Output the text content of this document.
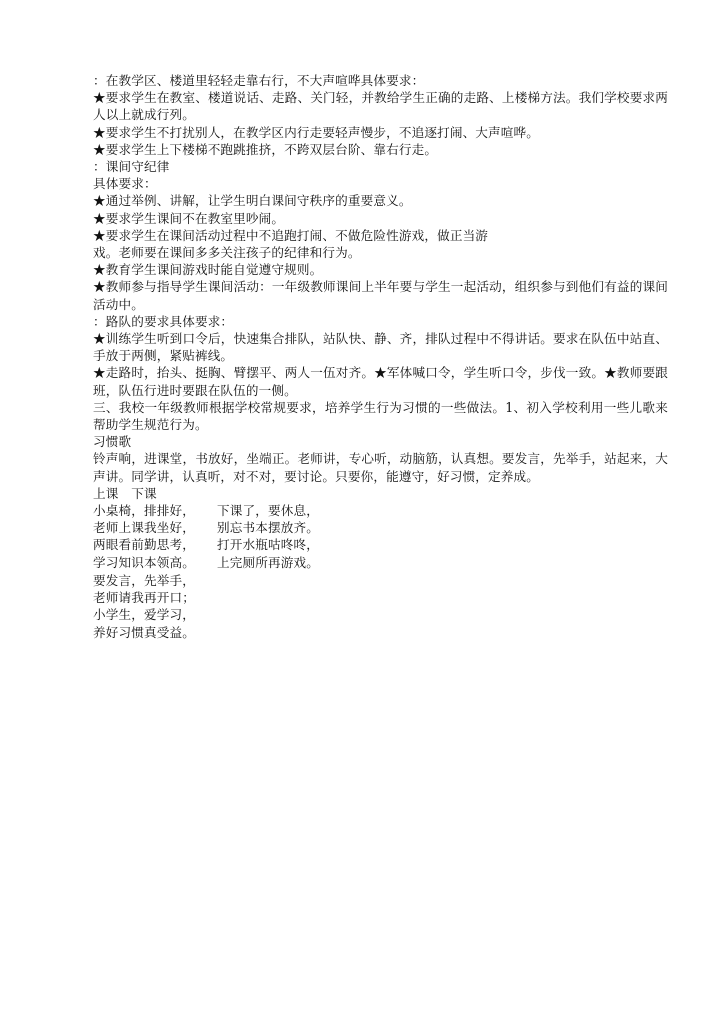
：在教学区、楼道里轻轻走靠右行，不大声喧哗具体要求：

★要求学生在教室、楼道说话、走路、关门轻，并教给学生正确的走路、上楼梯方法。我们学校要求两人以上就成行列。

★要求学生不打扰别人，在教学区内行走要轻声慢步，不追逐打闹、大声喧哗。

★要求学生上下楼梯不跑跳推挤，不跨双层台阶、靠右行走。

：课间守纪律

具体要求：

★通过举例、讲解，让学生明白课间守秩序的重要意义。

★要求学生课间不在教室里吵闹。

★要求学生在课间活动过程中不追跑打闹、不做危险性游戏，做正当游

戏。老师要在课间多多关注孩子的纪律和行为。

★教育学生课间游戏时能自觉遵守规则。

★教师参与指导学生课间活动：一年级教师课间上半年要与学生一起活动，组织参与到他们有益的课间活动中。

：路队的要求具体要求：

★训练学生听到口令后，快速集合排队，站队快、静、齐，排队过程中不得讲话。要求在队伍中站直、手放于两侧，紧贴裤线。

★走路时，抬头、挺胸、臂摆平、两人一伍对齐。★军体喊口令，学生听口令，步伐一致。★教师要跟班，队伍行进时要跟在队伍的一侧。

三、我校一年级教师根据学校常规要求，培养学生行为习惯的一些做法。1、初入学校利用一些儿歌来帮助学生规范行为。

习惯歌

铃声响，进课堂，书放好，坐端正。老师讲，专心听，动脑筋，认真想。要发言，先举手，站起来，大声讲。同学讲，认真听，对不对，要讨论。只要你，能遵守，好习惯，定养成。

上课　下课

小桌椅，排排好，

老师上课我坐好，

两眼看前勤思考，

学习知识本领高。

下课了，要休息，

别忘书本摆放齐。

打开水瓶咕咚咚，

上完厕所再游戏。

要发言，先举手，

老师请我再开口；

小学生，爱学习，

养好习惯真受益。
